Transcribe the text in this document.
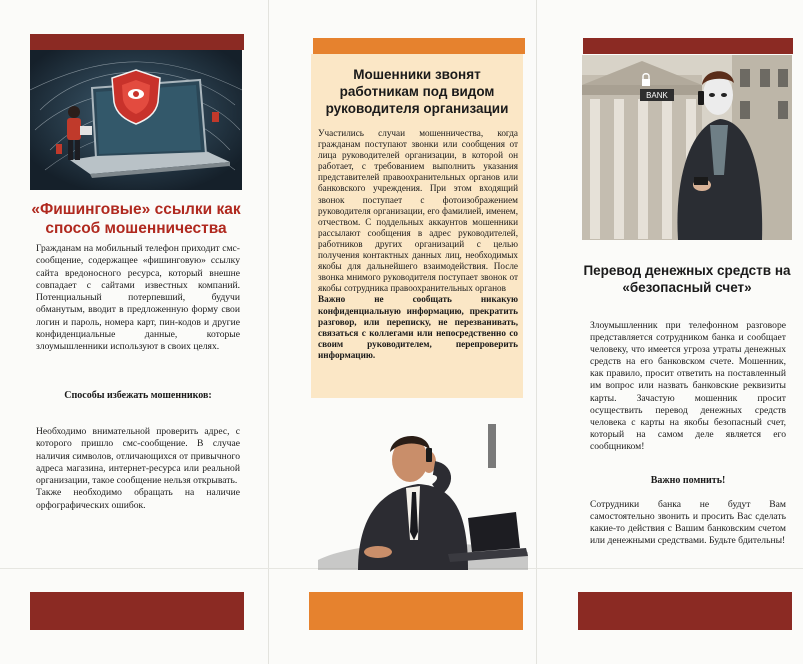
«Фишинговые» ссылки как способ мошенничества
Гражданам на мобильный телефон приходит смс-сообщение, содержащее «фишинговую» ссылку сайта вредоносного ресурса, который внешне совпадает с сайтами известных компаний. Потенциальный потерпевший, будучи обманутым, вводит в предложенную форму свои логин и пароль, номера карт, пин-кодов и другие конфиденциальные данные, которые злоумышленники используют в своих целях.
Способы избежать мошенников:
Необходимо внимательной проверить адрес, с которого пришло смс-сообщение. В случае наличия символов, отличающихся от привычного адреса магазина, интернет-ресурса или реальной организации, такое сообщение нельзя открывать.
Также необходимо обращать на наличие орфографических ошибок.
Мошенники звонят работникам под видом руководителя организации
Участились случаи мошенничества, когда гражданам поступают звонки или сообщения от лица руководителей организации, в которой он работает, с требованием выполнить указания представителей правоохранительных органов или банковского учреждения. При этом входящий звонок поступает с фотоизображением руководителя организации, его фамилией, именем, отчеством. С поддельных аккаунтов мошенники рассылают сообщения в адрес руководителей, работников других организаций с целью получения контактных данных лиц, необходимых якобы для дальнейшего взаимодействия. После звонка мнимого руководителя поступает звонок от якобы сотрудника правоохранительных органов
Важно не сообщать никакую конфиденциальную информацию, прекратить разговор, или переписку, не перезванивать, связаться с коллегами или непосредственно со своим руководителем, перепроверить информацию.
BANK
Перевод денежных средств на «безопасный счет»
Злоумышленник при телефонном разговоре представляется сотрудником банка и сообщает человеку, что имеется угроза утраты денежных средств на его банковском счете. Мошенник, как правило, просит ответить на поставленный им вопрос или назвать банковские реквизиты карты. Зачастую мошенник просит осуществить перевод денежных средств человека с карты на якобы безопасный счет, который на самом деле является его сообщником!
Важно помнить!
Сотрудники банка не будут Вам самостоятельно звонить и просить Вас сделать какие-то действия с Вашим банковским счетом или денежными средствами. Будьте бдительны!
